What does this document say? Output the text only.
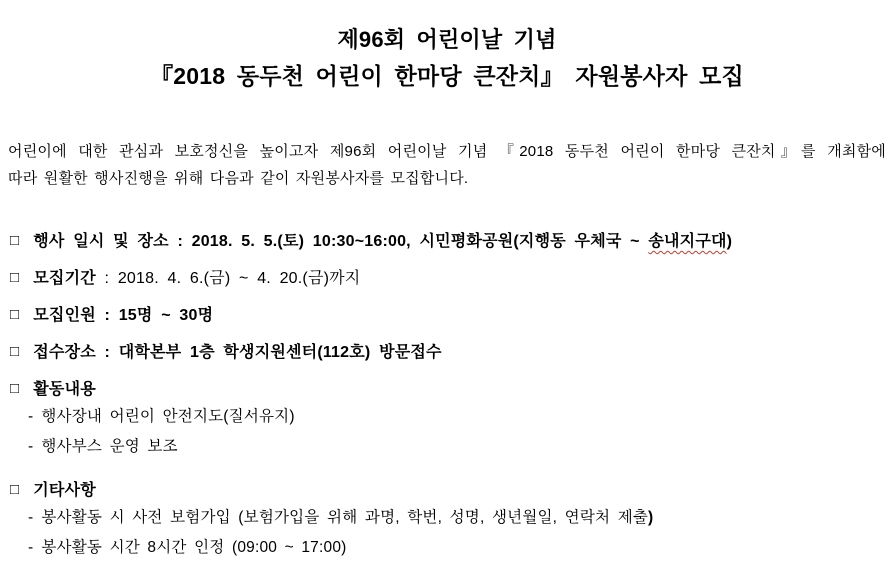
제96회 어린이날 기념
『2018 동두천 어린이 한마당 큰잔치』 자원봉사자 모집

어린이에 대한 관심과 보호정신을 높이고자 제96회 어린이날 기념 『2018 동두천 어린이 한마당 큰잔치』를 개최함에

따라 원활한 행사진행을 위해 다음과 같이 자원봉사자를 모집합니다.

□ 행사 일시 및 장소 : 2018. 5. 5.(토) 10:30~16:00, 시민평화공원(지행동 우체국 ~ 송내지구대)
□ 모집기간 : 2018. 4. 6.(금) ~ 4. 20.(금)까지
□ 모집인원 : 15명 ~ 30명
□ 접수장소 : 대학본부 1층 학생지원센터(112호) 방문접수
□ 활동내용
- 행사장내 어린이 안전지도(질서유지)
- 행사부스 운영 보조
□ 기타사항
- 봉사활동 시 사전 보험가입 (보험가입을 위해 과명, 학번, 성명, 생년월일, 연락처 제출)
- 봉사활동 시간 8시간 인정 (09:00 ~ 17:00)
